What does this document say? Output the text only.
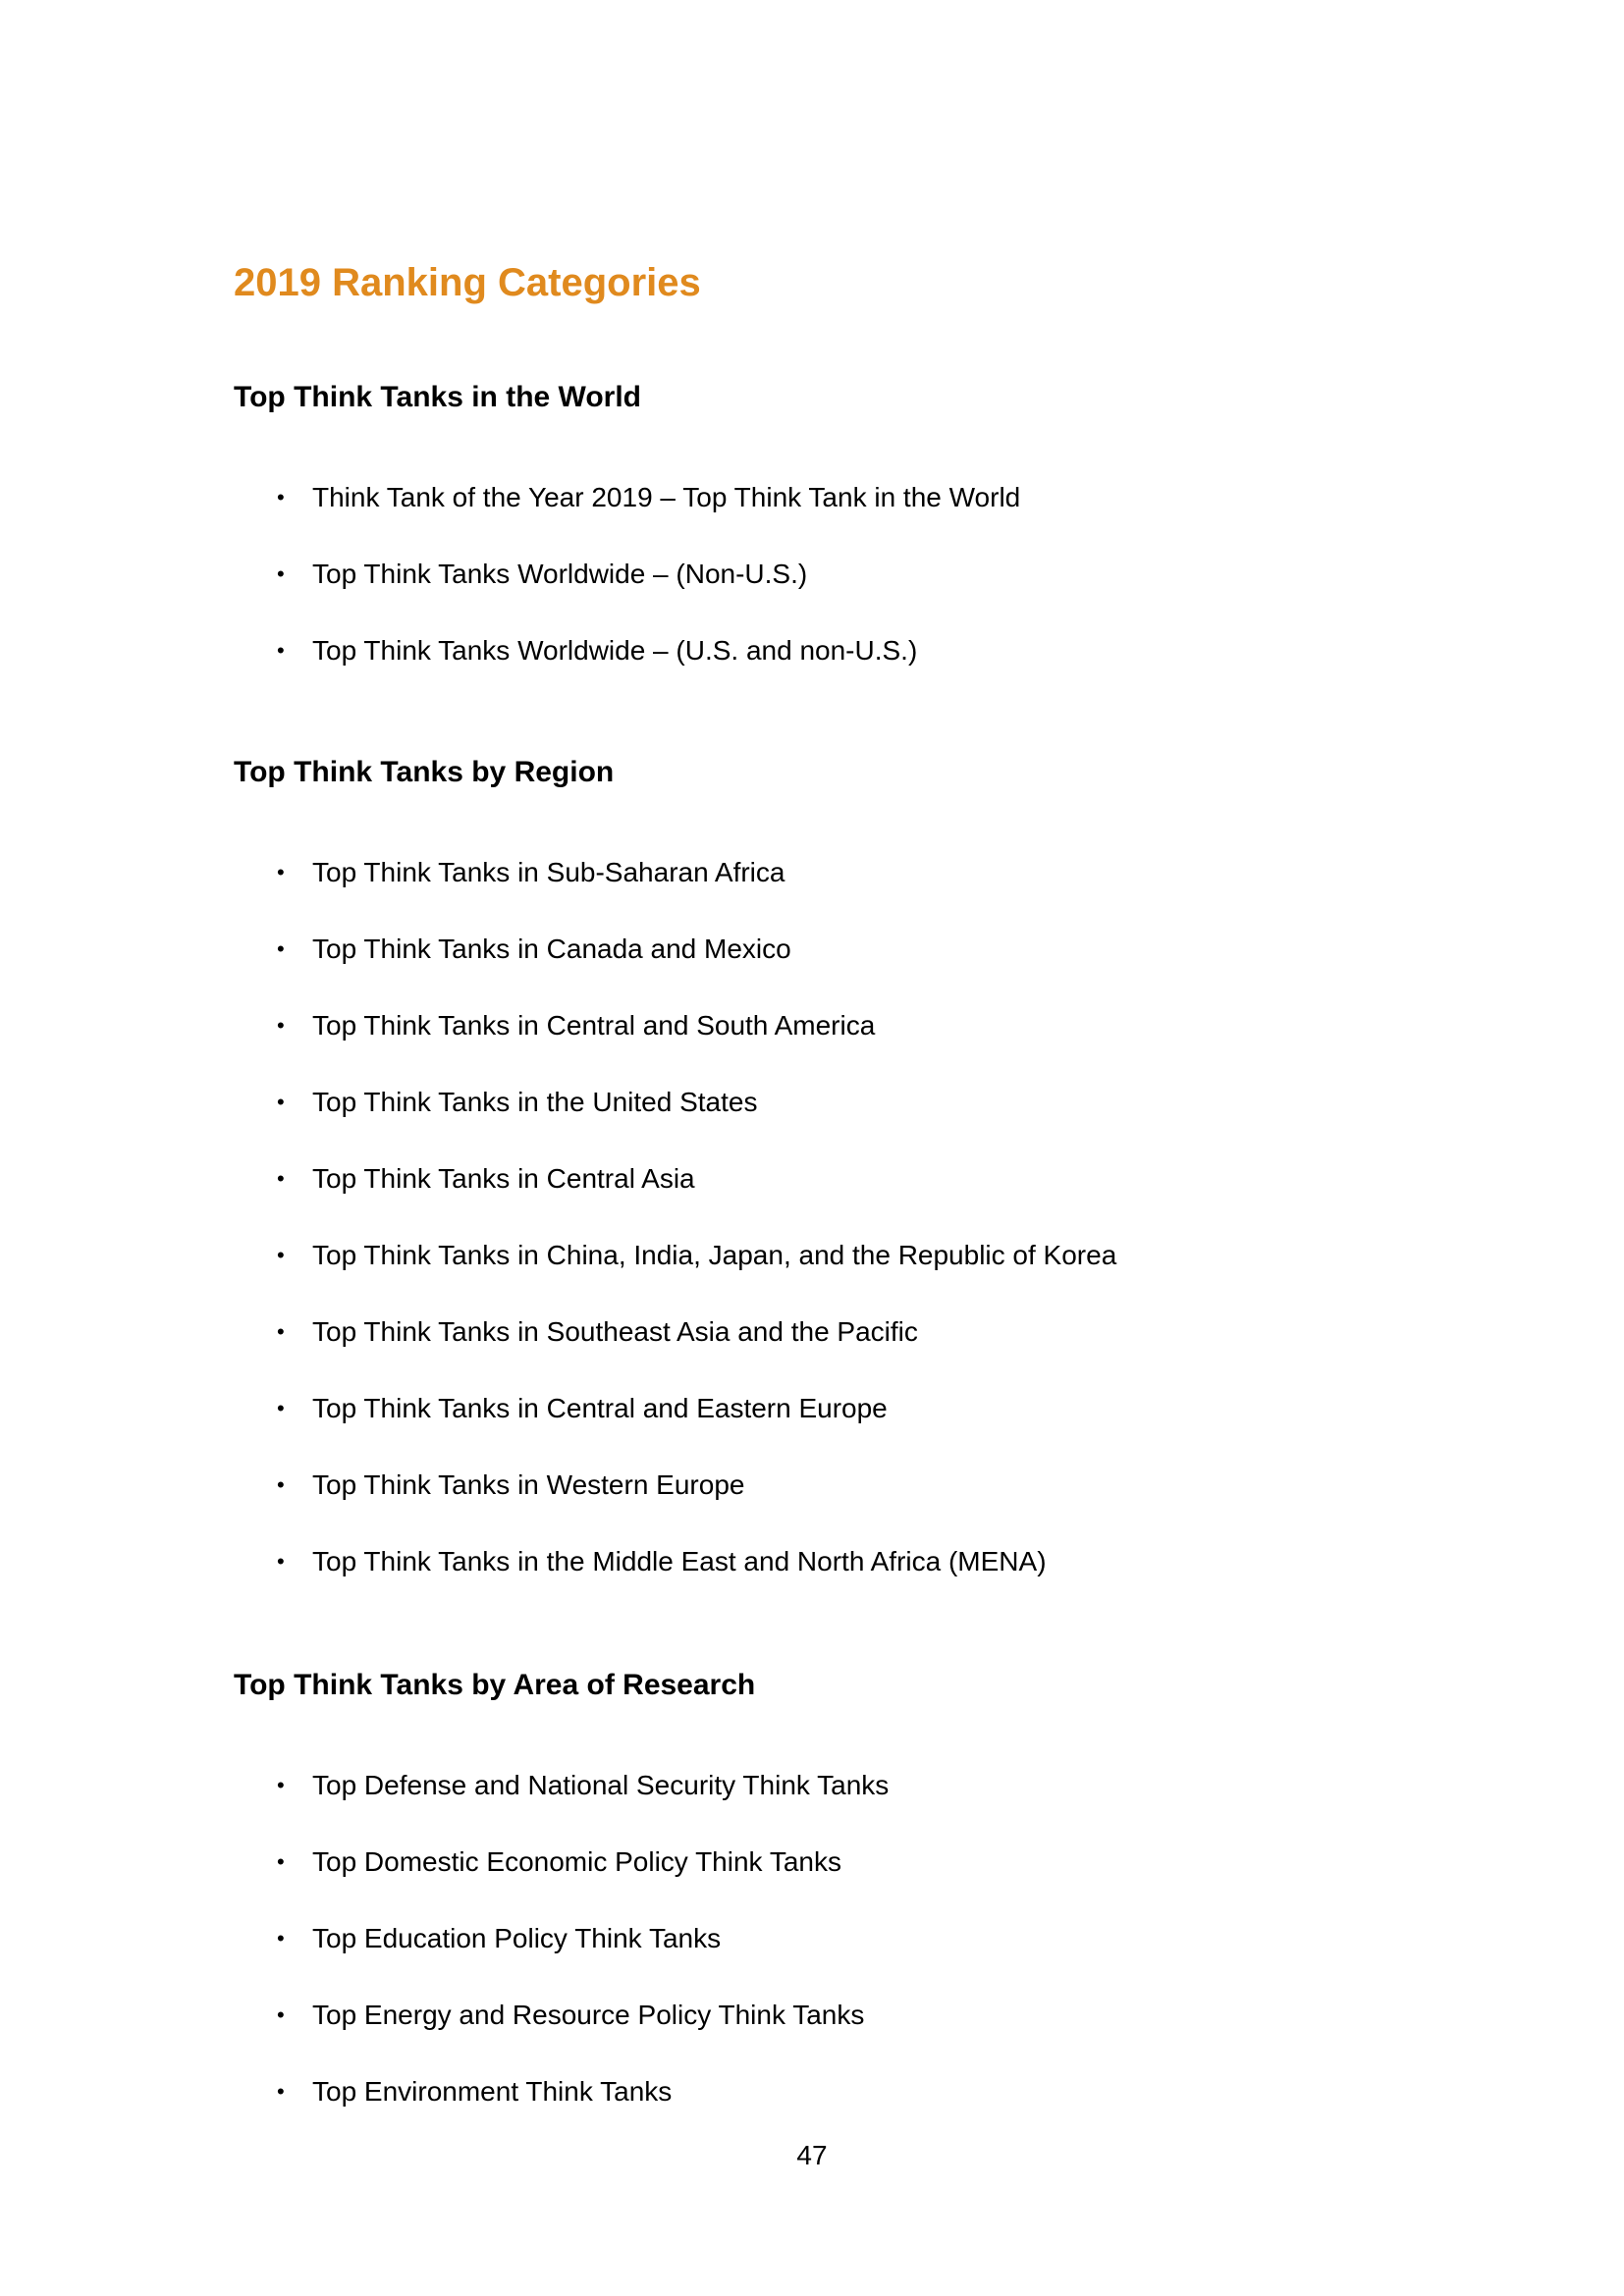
2019 Ranking Categories
Top Think Tanks in the World
• Think Tank of the Year 2019 – Top Think Tank in the World
• Top Think Tanks Worldwide – (Non-U.S.)
• Top Think Tanks Worldwide – (U.S. and non-U.S.)
Top Think Tanks by Region
• Top Think Tanks in Sub-Saharan Africa
• Top Think Tanks in Canada and Mexico
• Top Think Tanks in Central and South America
• Top Think Tanks in the United States
• Top Think Tanks in Central Asia
• Top Think Tanks in China, India, Japan, and the Republic of Korea
• Top Think Tanks in Southeast Asia and the Pacific
• Top Think Tanks in Central and Eastern Europe
• Top Think Tanks in Western Europe
• Top Think Tanks in the Middle East and North Africa (MENA)
Top Think Tanks by Area of Research
• Top Defense and National Security Think Tanks
• Top Domestic Economic Policy Think Tanks
• Top Education Policy Think Tanks
• Top Energy and Resource Policy Think Tanks
• Top Environment Think Tanks
47
